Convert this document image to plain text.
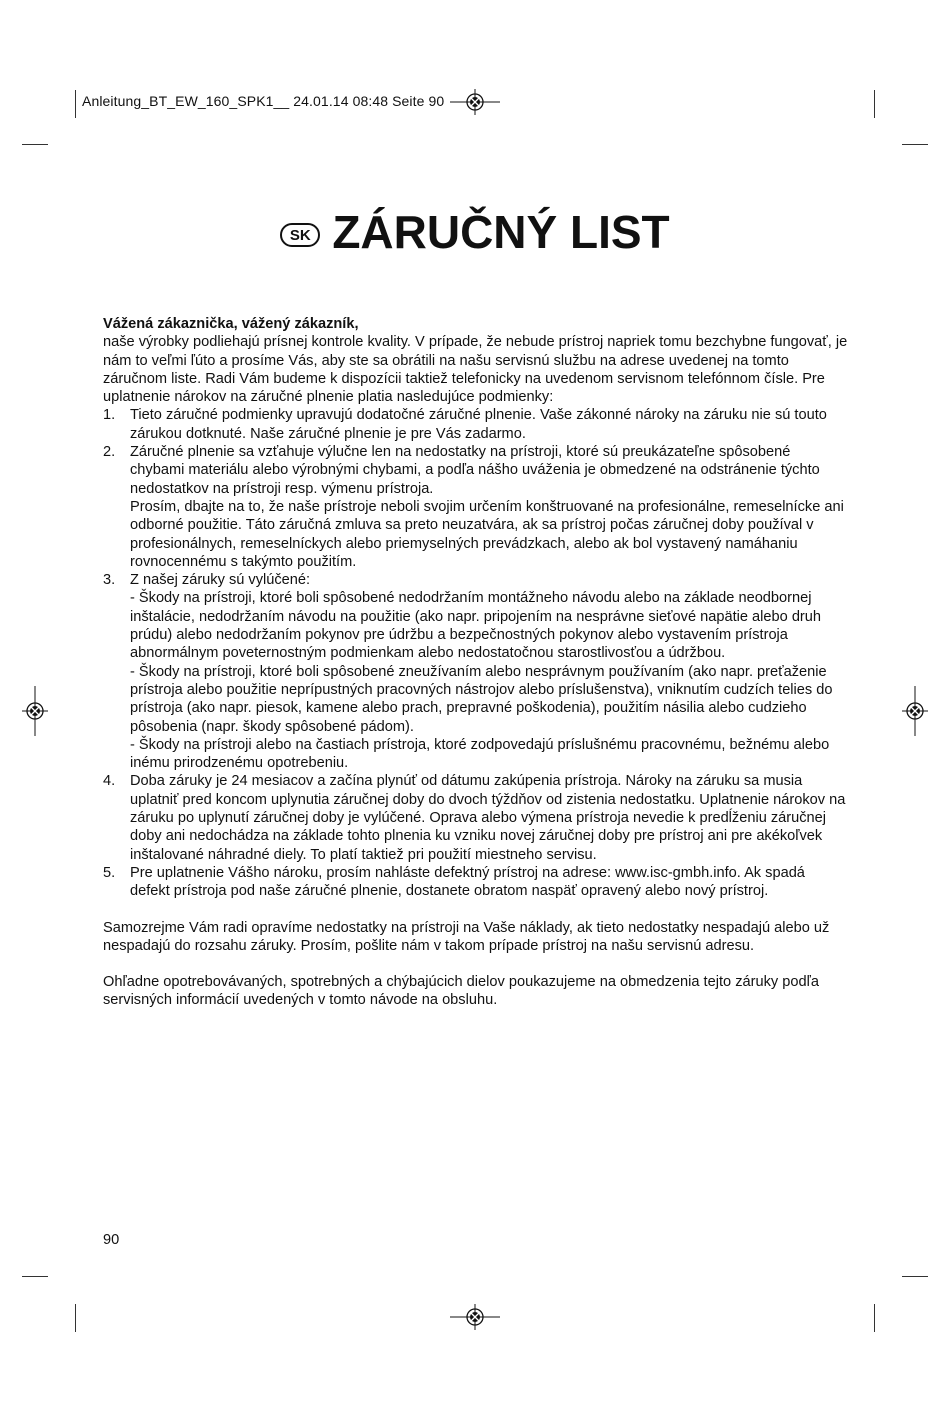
Anleitung_BT_EW_160_SPK1__ 24.01.14 08:48 Seite 90
SK ZÁRUČNÝ LIST

Vážená zákaznička, vážený zákazník,

naše výrobky podliehajú prísnej kontrole kvality. V prípade, že nebude prístroj napriek tomu bezchybne fungovať, je nám to veľmi ľúto a prosíme Vás, aby ste sa obrátili na našu servisnú službu na adrese uvedenej na tomto záručnom liste. Radi Vám budeme k dispozícii taktiež telefonicky na uvedenom servisnom telefónnom čísle. Pre uplatnenie nárokov na záručné plnenie platia nasledujúce podmienky:

1. Tieto záručné podmienky upravujú dodatočné záručné plnenie. Vaše zákonné nároky na záruku nie sú touto zárukou dotknuté. Naše záručné plnenie je pre Vás zadarmo.

2. Záručné plnenie sa vzťahuje výlučne len na nedostatky na prístroji, ktoré sú preukázateľne spôsobené chybami materiálu alebo výrobnými chybami, a podľa nášho uváženia je obmedzené na odstránenie týchto nedostatkov na prístroji resp. výmenu prístroja.

Prosím, dbajte na to, že naše prístroje neboli svojim určením konštruované na profesionálne, remeselnícke ani odborné použitie. Táto záručná zmluva sa preto neuzatvára, ak sa prístroj počas záručnej doby používal v profesionálnych, remeselníckych alebo priemyselných prevádzkach, alebo ak bol vystavený namáhaniu rovnocennému s takýmto použitím.

3. Z našej záruky sú vylúčené:

- Škody na prístroji, ktoré boli spôsobené nedodržaním montážneho návodu alebo na základe neodbornej inštalácie, nedodržaním návodu na použitie (ako napr. pripojením na nesprávne sieťové napätie alebo druh prúdu) alebo nedodržaním pokynov pre údržbu a bezpečnostných pokynov alebo vystavením prístroja abnormálnym poveternostným podmienkam alebo nedostatočnou starostlivosťou a údržbou.

- Škody na prístroji, ktoré boli spôsobené zneužívaním alebo nesprávnym používaním (ako napr. preťaženie prístroja alebo použitie neprípustných pracovných nástrojov alebo príslušenstva), vniknutím cudzích telies do prístroja (ako napr. piesok, kamene alebo prach, prepravné poškodenia), použitím násilia alebo cudzieho pôsobenia (napr. škody spôsobené pádom).

- Škody na prístroji alebo na častiach prístroja, ktoré zodpovedajú príslušnému pracovnému, bežnému alebo inému prirodzenému opotrebeniu.

4. Doba záruky je 24 mesiacov a začína plynúť od dátumu zakúpenia prístroja. Nároky na záruku sa musia uplatniť pred koncom uplynutia záručnej doby do dvoch týždňov od zistenia nedostatku. Uplatnenie nárokov na záruku po uplynutí záručnej doby je vylúčené. Oprava alebo výmena prístroja nevedie k predĺženiu záručnej doby ani nedochádza na základe tohto plnenia ku vzniku novej záručnej doby pre prístroj ani pre akékoľvek inštalované náhradné diely. To platí taktiež pri použití miestneho servisu.

5. Pre uplatnenie Vášho nároku, prosím nahláste defektný prístroj na adrese: www.isc-gmbh.info. Ak spadá defekt prístroja pod naše záručné plnenie, dostanete obratom naspäť opravený alebo nový prístroj.

Samozrejme Vám radi opravíme nedostatky na prístroji na Vaše náklady, ak tieto nedostatky nespadajú alebo už nespadajú do rozsahu záruky. Prosím, pošlite nám v takom prípade prístroj na našu servisnú adresu.

Ohľadne opotrebovávaných, spotrebných a chýbajúcich dielov poukazujeme na obmedzenia tejto záruky podľa servisných informácií uvedených v tomto návode na obsluhu.

90
